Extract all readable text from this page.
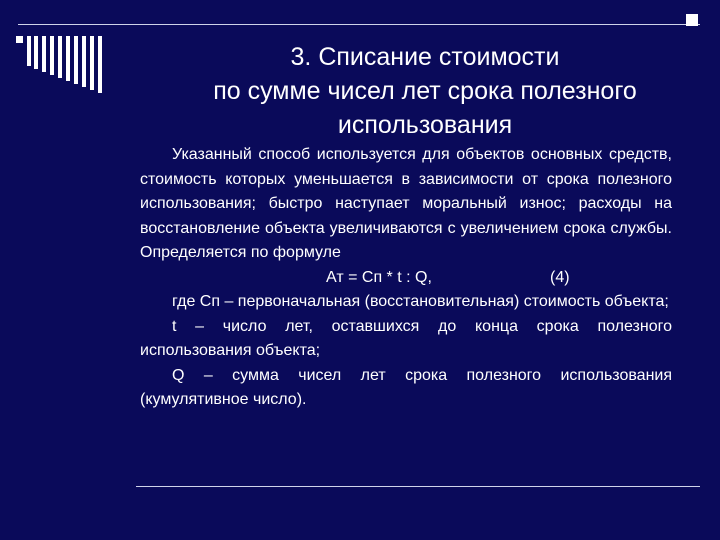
3. Списание стоимости
по сумме чисел лет срока полезного
использования

Указанный способ используется для объектов основных средств, стоимость которых уменьшается в зависимости от срока полезного использования; быстро наступает моральный износ; расходы на восстановление объекта увеличиваются с увеличением срока службы. Определяется по формуле

Ат = Сп * t : Q,	(4)

где Сп – первоначальная (восстановительная) стоимость объекта;

t – число лет, оставшихся до конца срока полезного использования объекта;

Q – сумма чисел лет срока полезного использования (кумулятивное число).
